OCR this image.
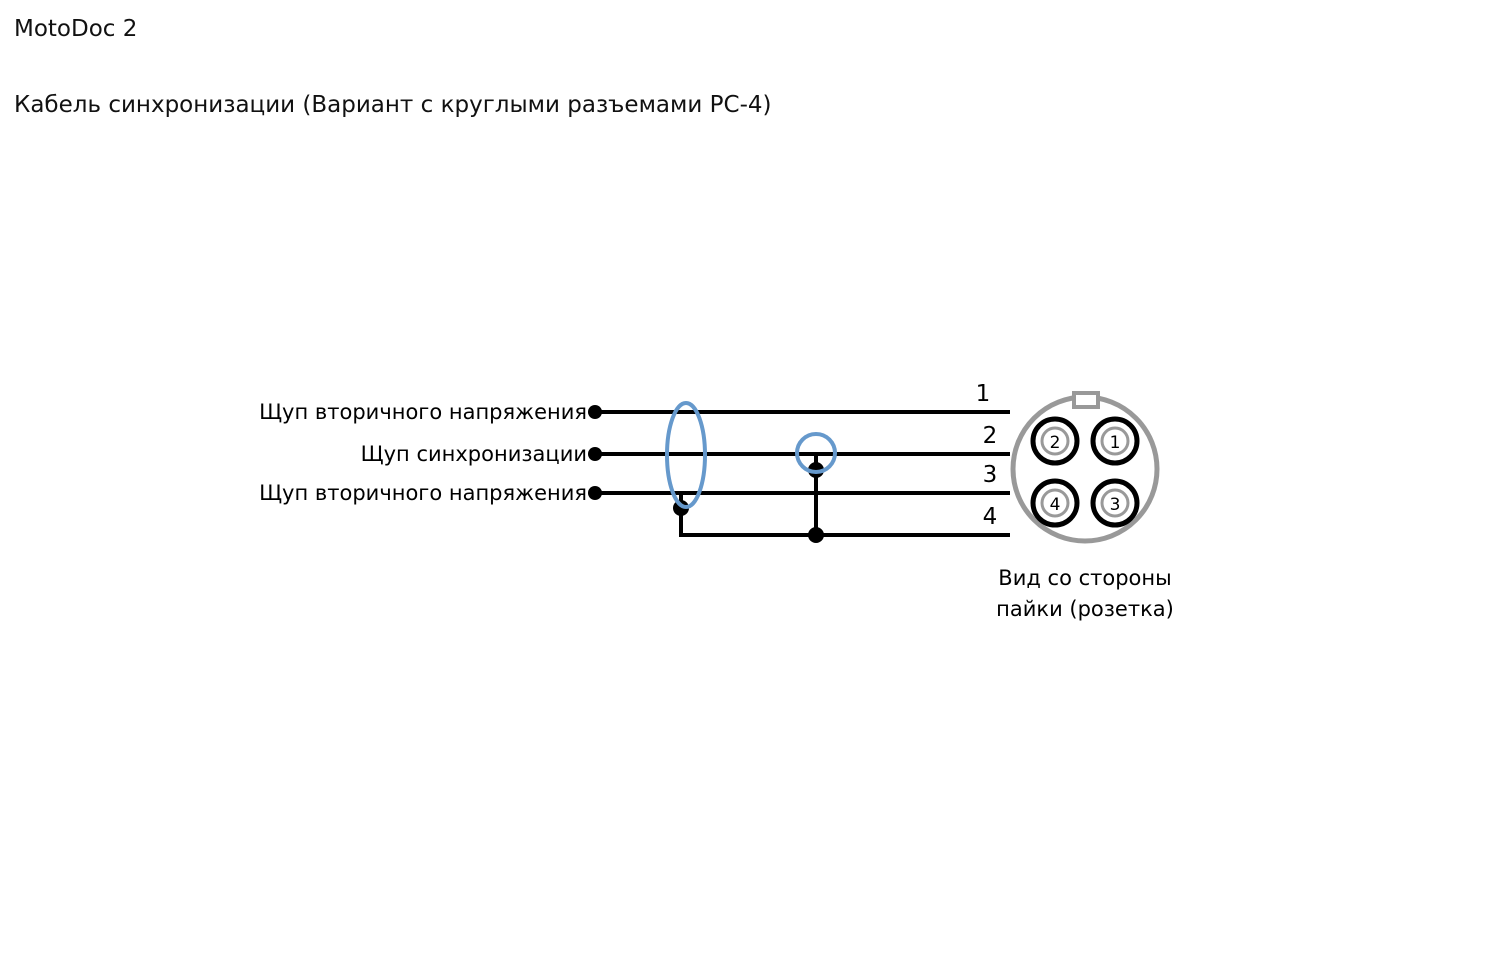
MotoDoc 2
Кабель синхронизации (Вариант с круглыми разъемами РС-4)
Щуп вторичного напряжения
1
Щуп синхронизации
2
Щуп вторичного напряжения
3
4
2	1
4	3
Вид со стороны
пайки (розетка)
